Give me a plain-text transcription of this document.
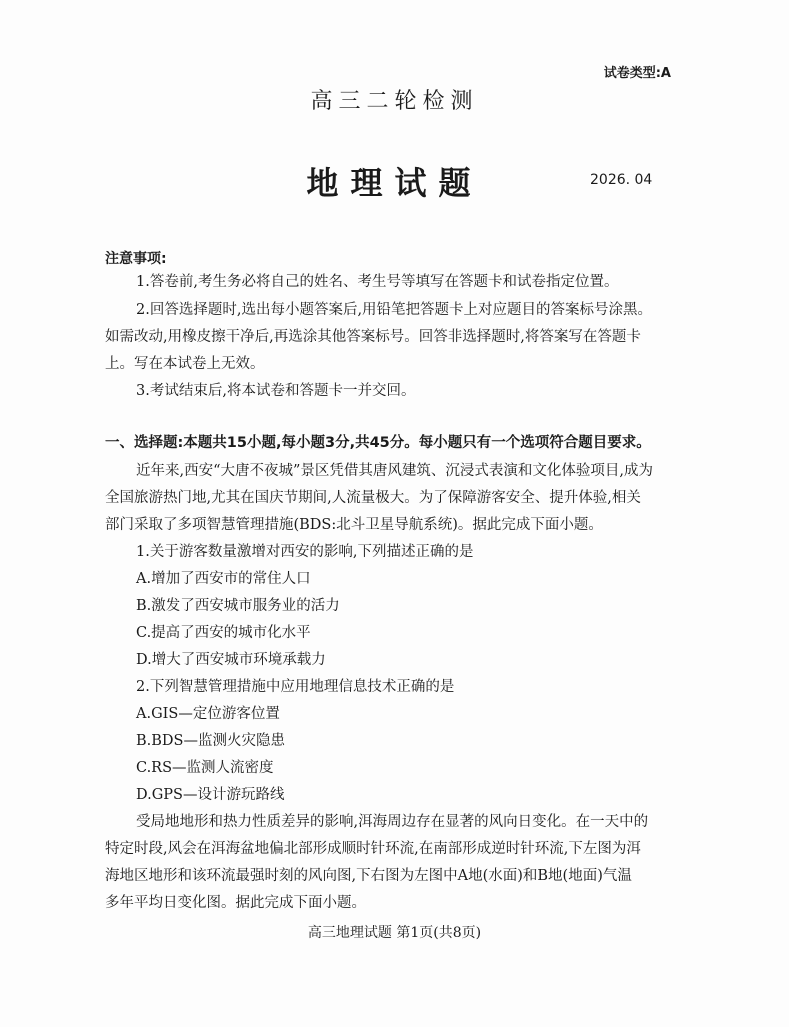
试卷类型:A
高三二轮检测
地理试题	2026. 04
注意事项:
1.答卷前,考生务必将自己的姓名、考生号等填写在答题卡和试卷指定位置。
2.回答选择题时,选出每小题答案后,用铅笔把答题卡上对应题目的答案标号涂黑。
如需改动,用橡皮擦干净后,再选涂其他答案标号。回答非选择题时,将答案写在答题卡
上。写在本试卷上无效。
3.考试结束后,将本试卷和答题卡一并交回。
一、选择题:本题共15小题,每小题3分,共45分。每小题只有一个选项符合题目要求。
近年来,西安“大唐不夜城”景区凭借其唐风建筑、沉浸式表演和文化体验项目,成为
全国旅游热门地,尤其在国庆节期间,人流量极大。为了保障游客安全、提升体验,相关
部门采取了多项智慧管理措施(BDS:北斗卫星导航系统)。据此完成下面小题。
1.关于游客数量激增对西安的影响,下列描述正确的是
A.增加了西安市的常住人口
B.激发了西安城市服务业的活力
C.提高了西安的城市化水平
D.增大了西安城市环境承载力
2.下列智慧管理措施中应用地理信息技术正确的是
A.GIS—定位游客位置
B.BDS—监测火灾隐患
C.RS—监测人流密度
D.GPS—设计游玩路线
受局地地形和热力性质差异的影响,洱海周边存在显著的风向日变化。在一天中的
特定时段,风会在洱海盆地偏北部形成顺时针环流,在南部形成逆时针环流,下左图为洱
海地区地形和该环流最强时刻的风向图,下右图为左图中A地(水面)和B地(地面)气温
多年平均日变化图。据此完成下面小题。
高三地理试题 第1页(共8页)
